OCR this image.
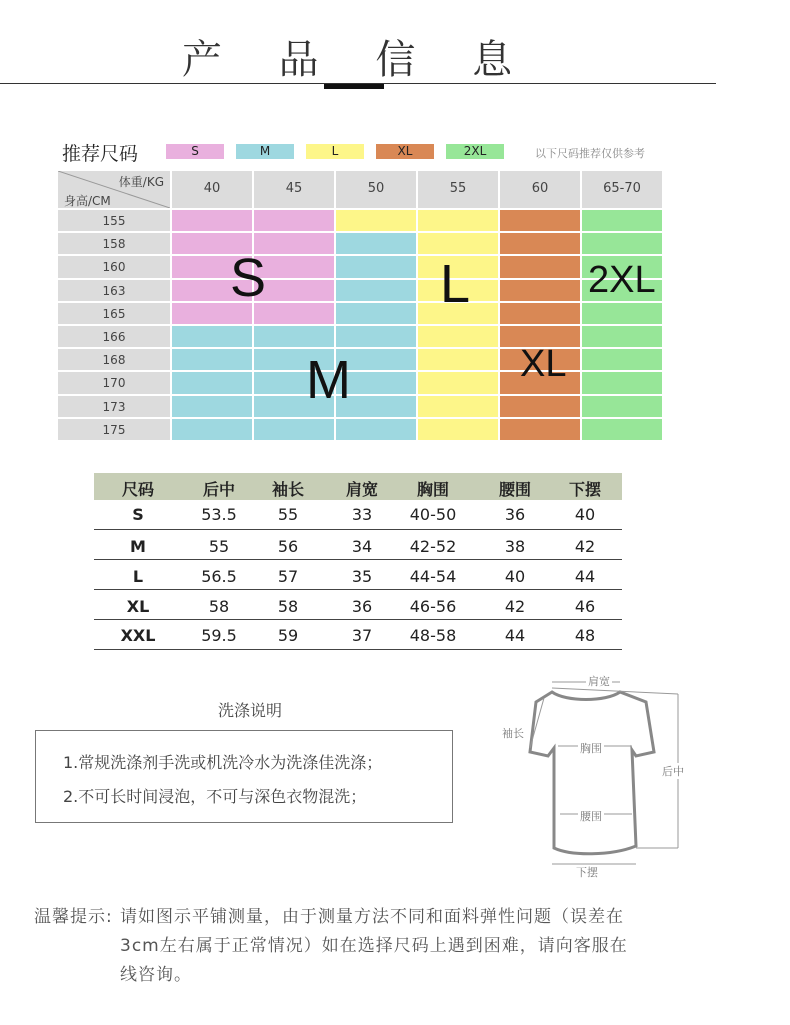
产 品 信 息
推荐尺码	S	M	L	XL	2XL	以下尺码推荐仅供参考
体重/KG
身高/CM
40	45	50	55	60	65-70
155
158
160
163
165
166
168
170
173
175
S
M
L
XL
2XL
尺码	后中	袖长	肩宽	胸围	腰围	下摆
S	53.5	55	33	40-50	36	40
M	55	56	34	42-52	38	42
L	56.5	57	35	44-54	40	44
XL	58	58	36	46-56	42	46
XXL	59.5	59	37	48-58	44	48
洗涤说明
1.常规洗涤剂手洗或机洗冷水为洗涤佳洗涤；
2.不可长时间浸泡，不可与深色衣物混洗；
肩宽
袖长
胸围
后中
腰围
下摆
温馨提示: 请如图示平铺测量，由于测量方法不同和面料弹性问题（误差在
3cm左右属于正常情况）如在选择尺码上遇到困难，请向客服在
线咨询。
